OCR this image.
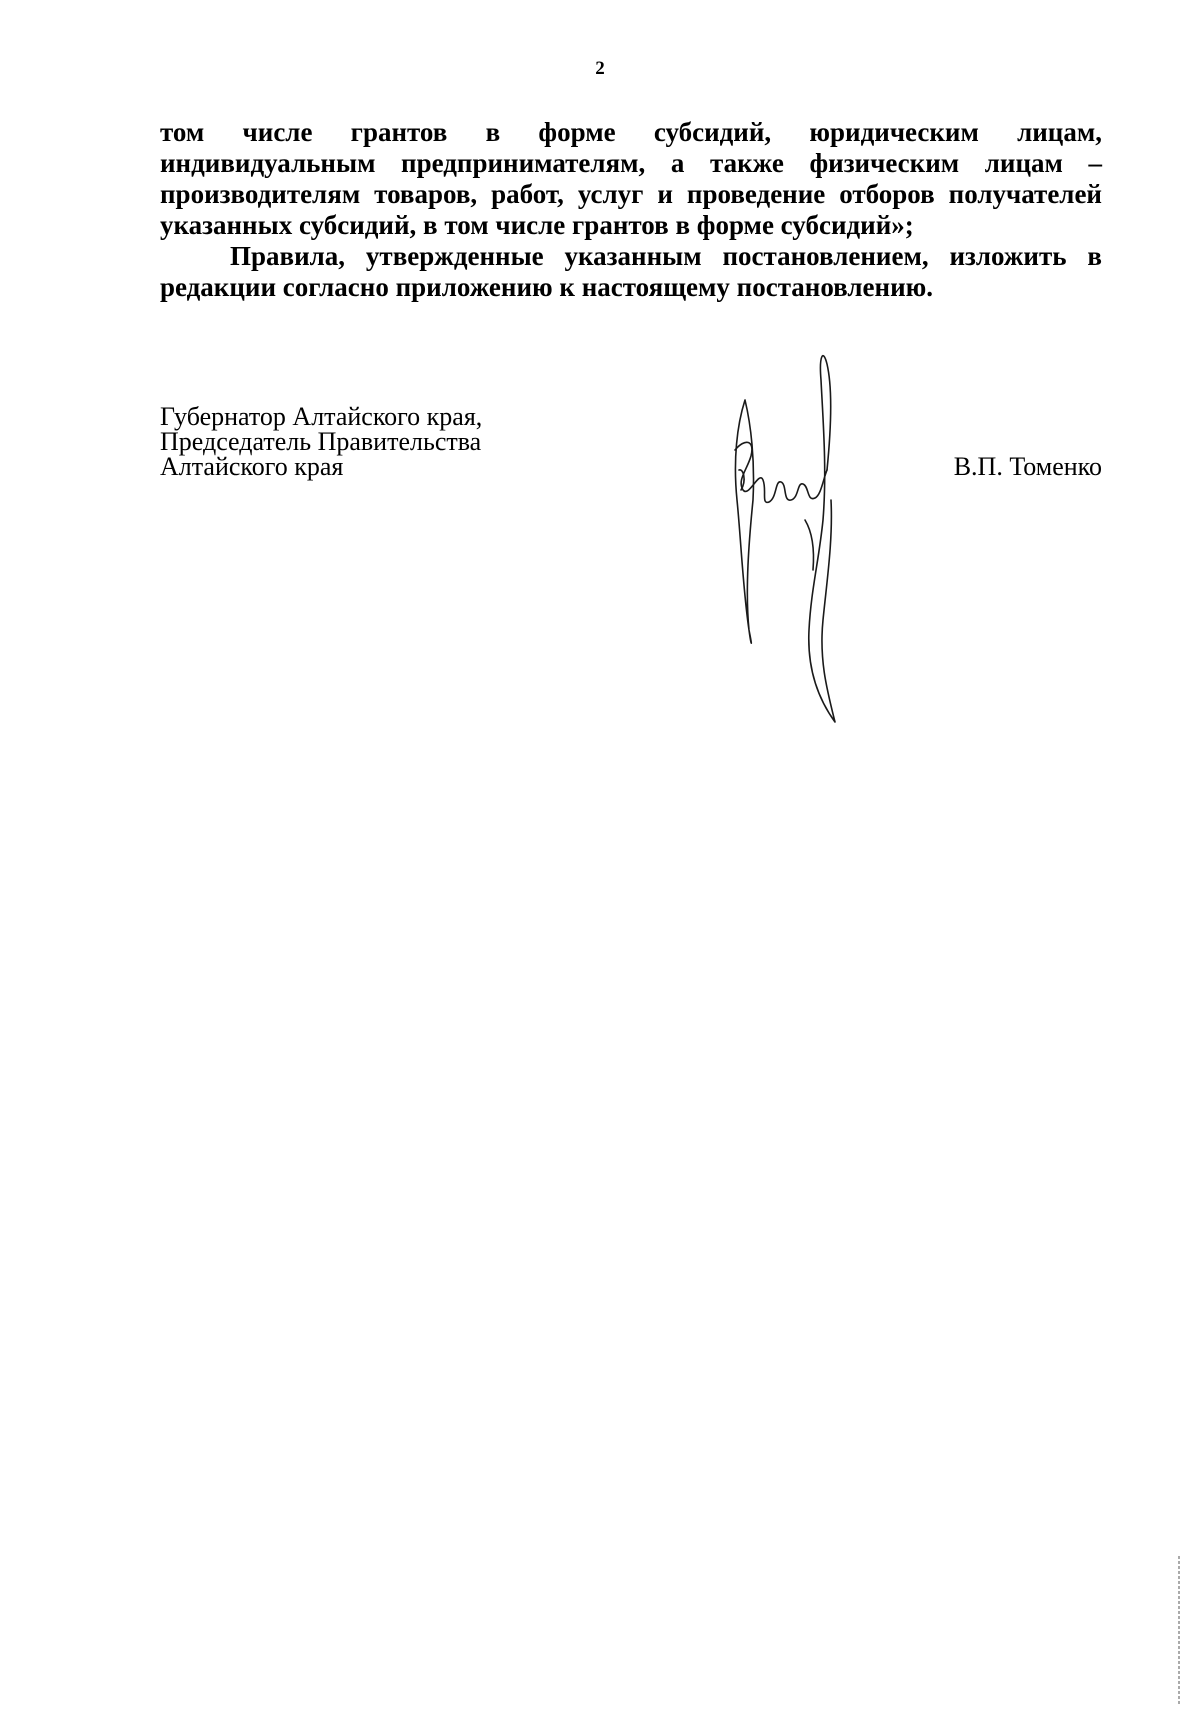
2

том числе грантов в форме субсидий, юридическим лицам, индивидуальным предпринимателям, а также физическим лицам – производителям товаров, работ, услуг и проведение отборов получателей указанных субсидий, в том числе грантов в форме субсидий»;

Правила, утвержденные указанным постановлением, изложить в редакции согласно приложению к настоящему постановлению.

Губернатор Алтайского края,
Председатель Правительства
Алтайского края	В.П. Томенко
